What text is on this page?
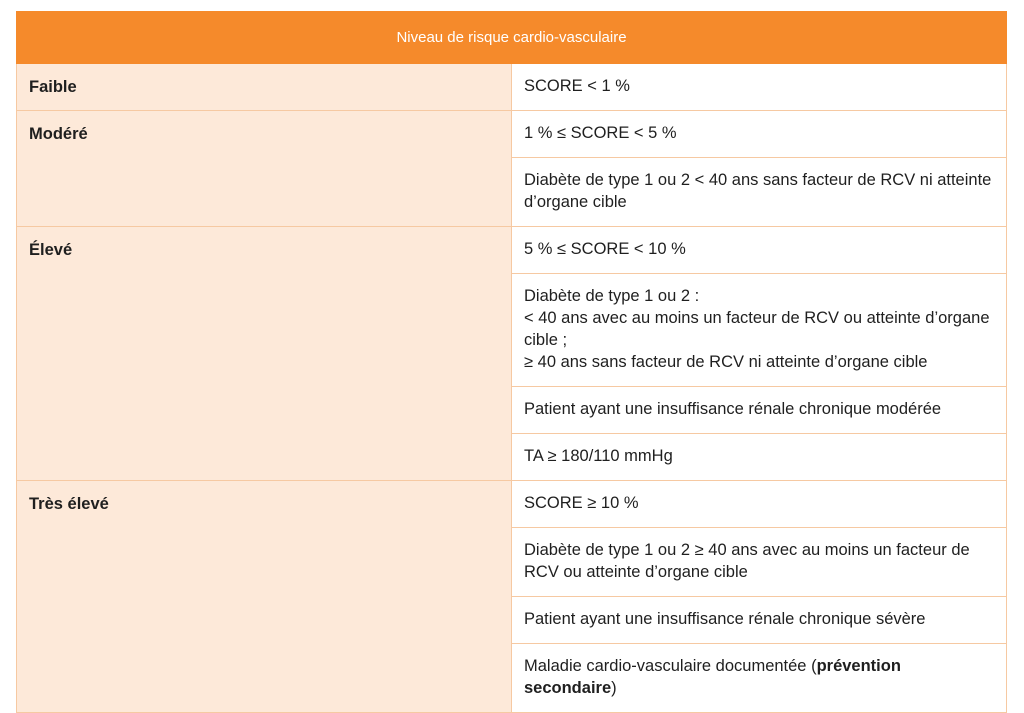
Niveau de risque cardio-vasculaire	
Faible	SCORE < 1 %
Modéré	1 % ≤ SCORE < 5 %
	Diabète de type 1 ou 2 < 40 ans sans facteur de RCV ni atteinte d’organe cible
Élevé	5 % ≤ SCORE < 10 %

	Diabète de type 1 ou 2 :
< 40 ans avec au moins un facteur de RCV ou atteinte d’organe cible ;
≥ 40 ans sans facteur de RCV ni atteinte d’organe cible

	Patient ayant une insuffisance rénale chronique modérée
	TA ≥ 180/110 mmHg
Très élevé	SCORE ≥ 10 %
	Diabète de type 1 ou 2 ≥ 40 ans avec au moins un facteur de RCV ou atteinte d’organe cible
	Patient ayant une insuffisance rénale chronique sévère
	Maladie cardio-vasculaire documentée (prévention secondaire)
